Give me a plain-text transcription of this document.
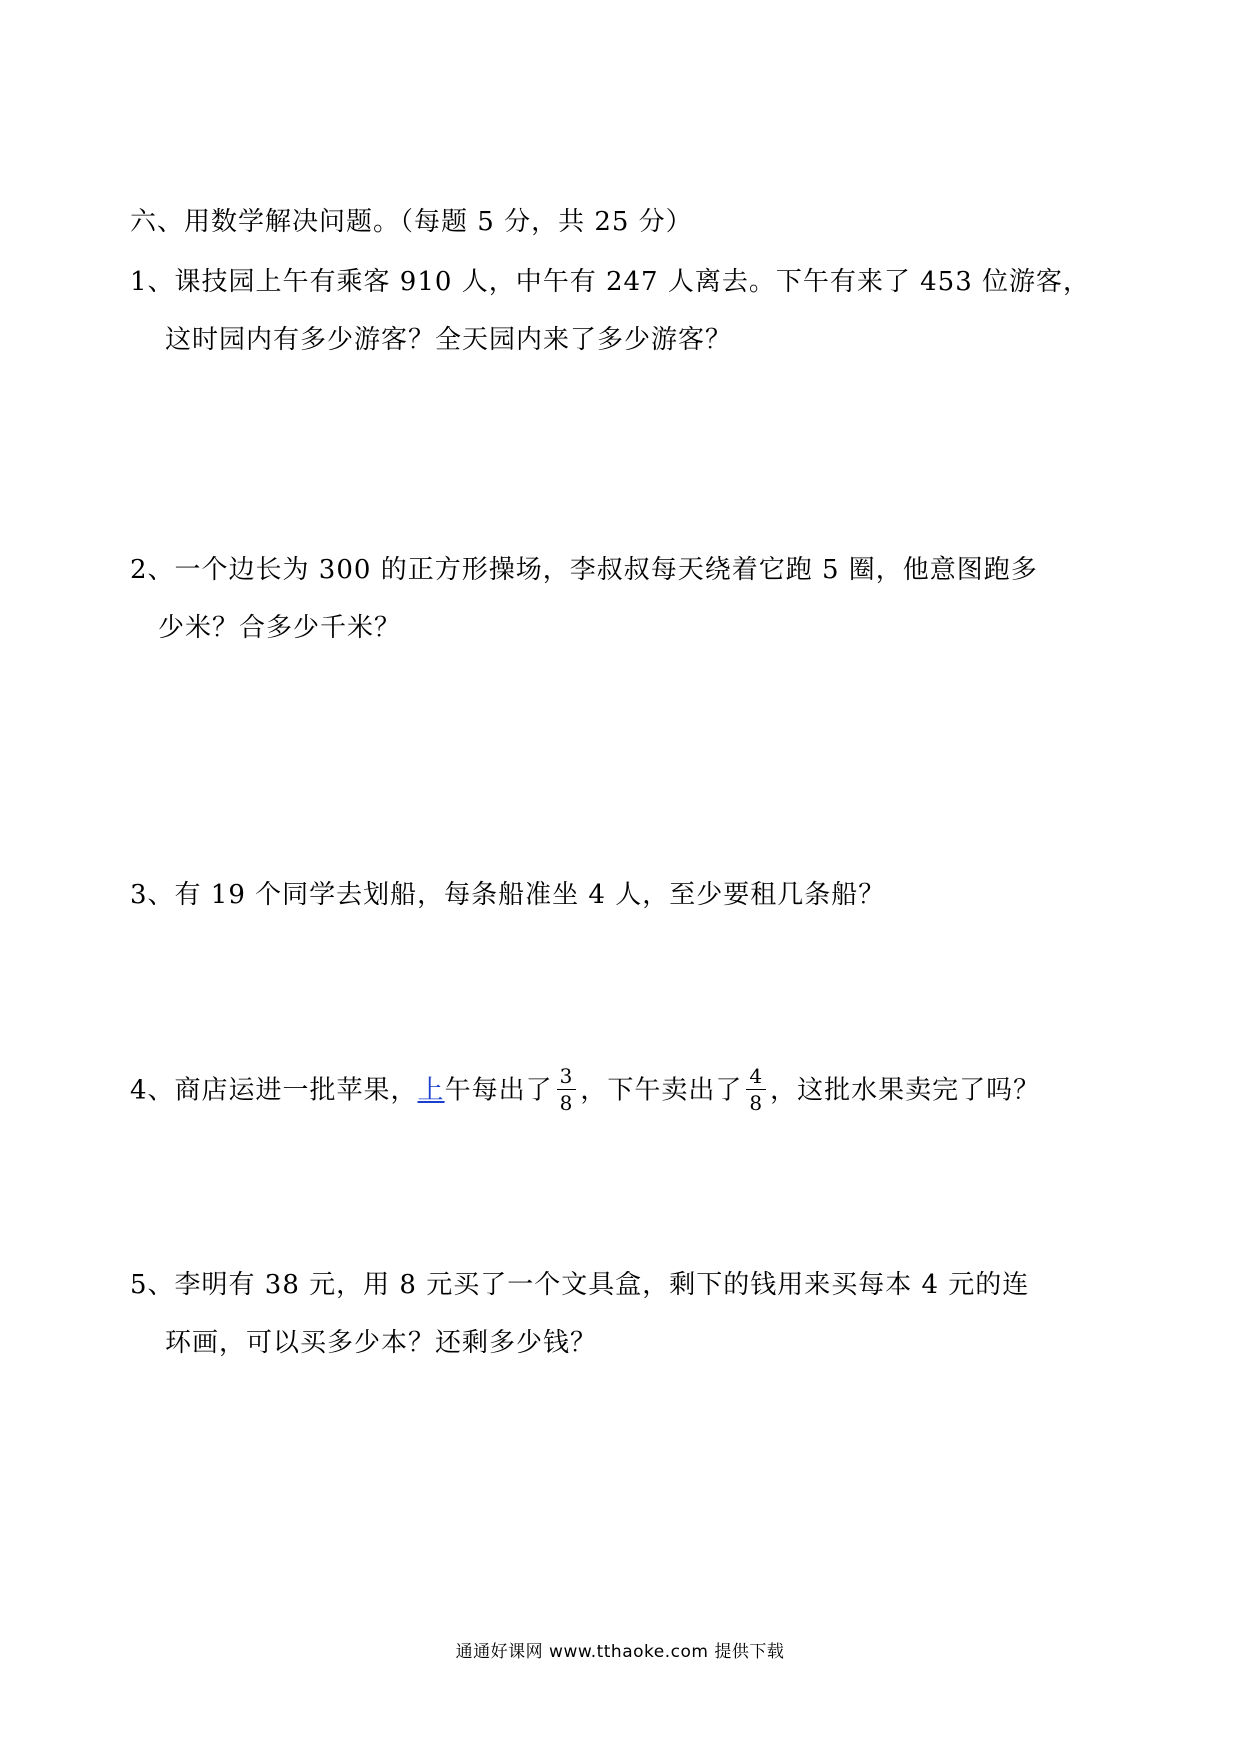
六、用数学解决问题。（每题 5 分，共 25 分）
1、课技园上午有乘客 910 人，中午有 247 人离去。下午有来了 453 位游客，
这时园内有多少游客？全天园内来了多少游客？
2、一个边长为 300 的正方形操场，李叔叔每天绕着它跑 5 圈，他意图跑多
少米？合多少千米？
3、有 19 个同学去划船，每条船准坐 4 人，至少要租几条船？
4、商店运进一批苹果，上午每出了 $\frac{3}{8}$ ，下午卖出了 $\frac{4}{8}$ ，这批水果卖完了吗？
5、李明有 38 元，用 8 元买了一个文具盒，剩下的钱用来买每本 4 元的连
环画，可以买多少本？还剩多少钱？
通通好课网 www.tthaoke.com 提供下载
